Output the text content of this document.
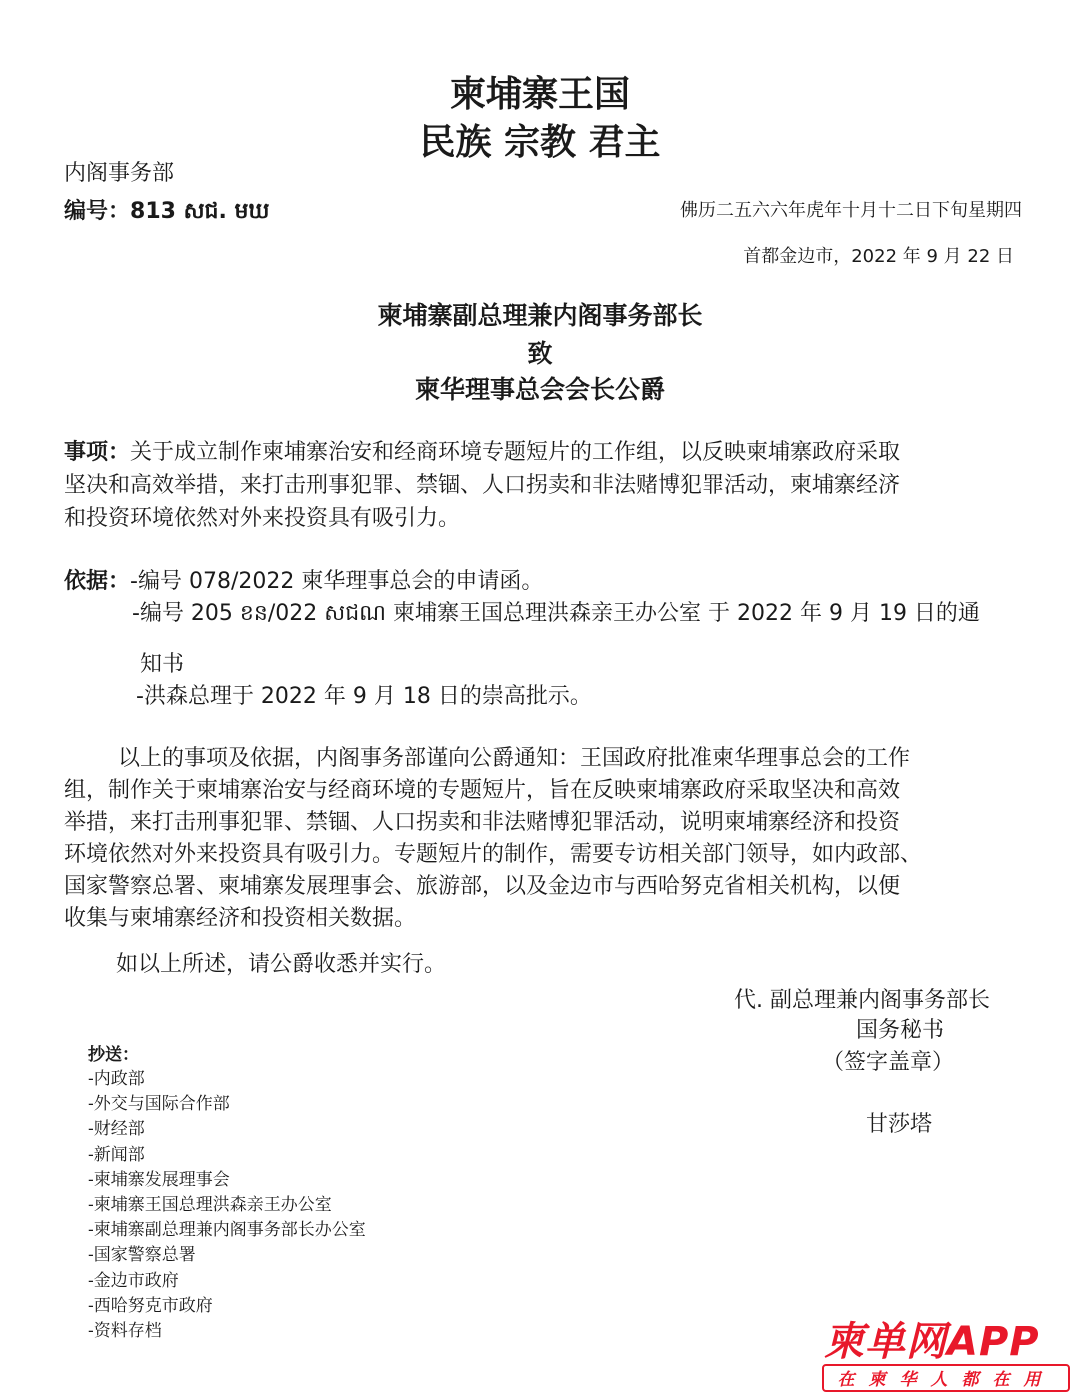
柬埔寨王国
民族 宗教 君主
内阁事务部
编号：813 សជ. មឃ	佛历二五六六年虎年十月十二日下旬星期四
首都金边市，2022 年 9 月 22 日
柬埔寨副总理兼内阁事务部长
致
柬华理事总会会长公爵
事项：关于成立制作柬埔寨治安和经商环境专题短片的工作组，以反映柬埔寨政府采取
坚决和高效举措，来打击刑事犯罪、禁锢、人口拐卖和非法赌博犯罪活动，柬埔寨经济
和投资环境依然对外来投资具有吸引力。
依据：-编号 078/2022 柬华理事总会的申请函。
-编号 205 ខន/022 សជណ 柬埔寨王国总理洪森亲王办公室 于 2022 年 9 月 19 日的通
知书
-洪森总理于 2022 年 9 月 18 日的崇高批示。
以上的事项及依据，内阁事务部谨向公爵通知：王国政府批准柬华理事总会的工作
组，制作关于柬埔寨治安与经商环境的专题短片，旨在反映柬埔寨政府采取坚决和高效
举措，来打击刑事犯罪、禁锢、人口拐卖和非法赌博犯罪活动，说明柬埔寨经济和投资
环境依然对外来投资具有吸引力。专题短片的制作，需要专访相关部门领导，如内政部、
国家警察总署、柬埔寨发展理事会、旅游部，以及金边市与西哈努克省相关机构，以便
收集与柬埔寨经济和投资相关数据。
如以上所述，请公爵收悉并实行。
代. 副总理兼内阁事务部长
国务秘书
（签字盖章）
甘莎塔
抄送：
-内政部
-外交与国际合作部
-财经部
-新闻部
-柬埔寨发展理事会
-柬埔寨王国总理洪森亲王办公室
-柬埔寨副总理兼内阁事务部长办公室
-国家警察总署
-金边市政府
-西哈努克市政府
-资料存档	柬单网APP
在柬华人都在用
